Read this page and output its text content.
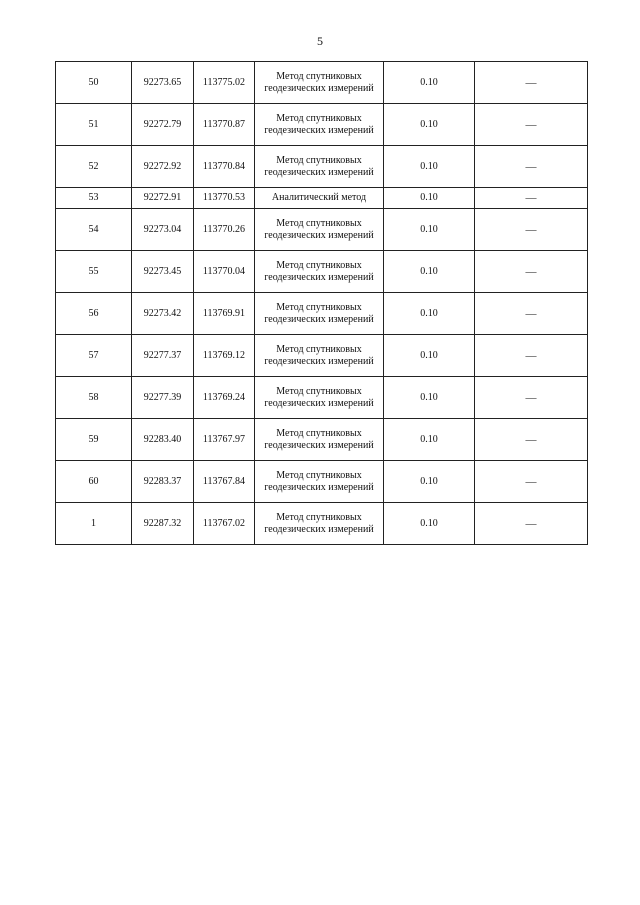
5
50	92273.65	113775.02	Метод спутниковых геодезических измерений	0.10	—
51	92272.79	113770.87	Метод спутниковых геодезических измерений	0.10	—
52	92272.92	113770.84	Метод спутниковых геодезических измерений	0.10	—
53	92272.91	113770.53	Аналитический метод	0.10	—
54	92273.04	113770.26	Метод спутниковых геодезических измерений	0.10	—
55	92273.45	113770.04	Метод спутниковых геодезических измерений	0.10	—
56	92273.42	113769.91	Метод спутниковых геодезических измерений	0.10	—
57	92277.37	113769.12	Метод спутниковых геодезических измерений	0.10	—
58	92277.39	113769.24	Метод спутниковых геодезических измерений	0.10	—
59	92283.40	113767.97	Метод спутниковых геодезических измерений	0.10	—
60	92283.37	113767.84	Метод спутниковых геодезических измерений	0.10	—
1	92287.32	113767.02	Метод спутниковых геодезических измерений	0.10	—
